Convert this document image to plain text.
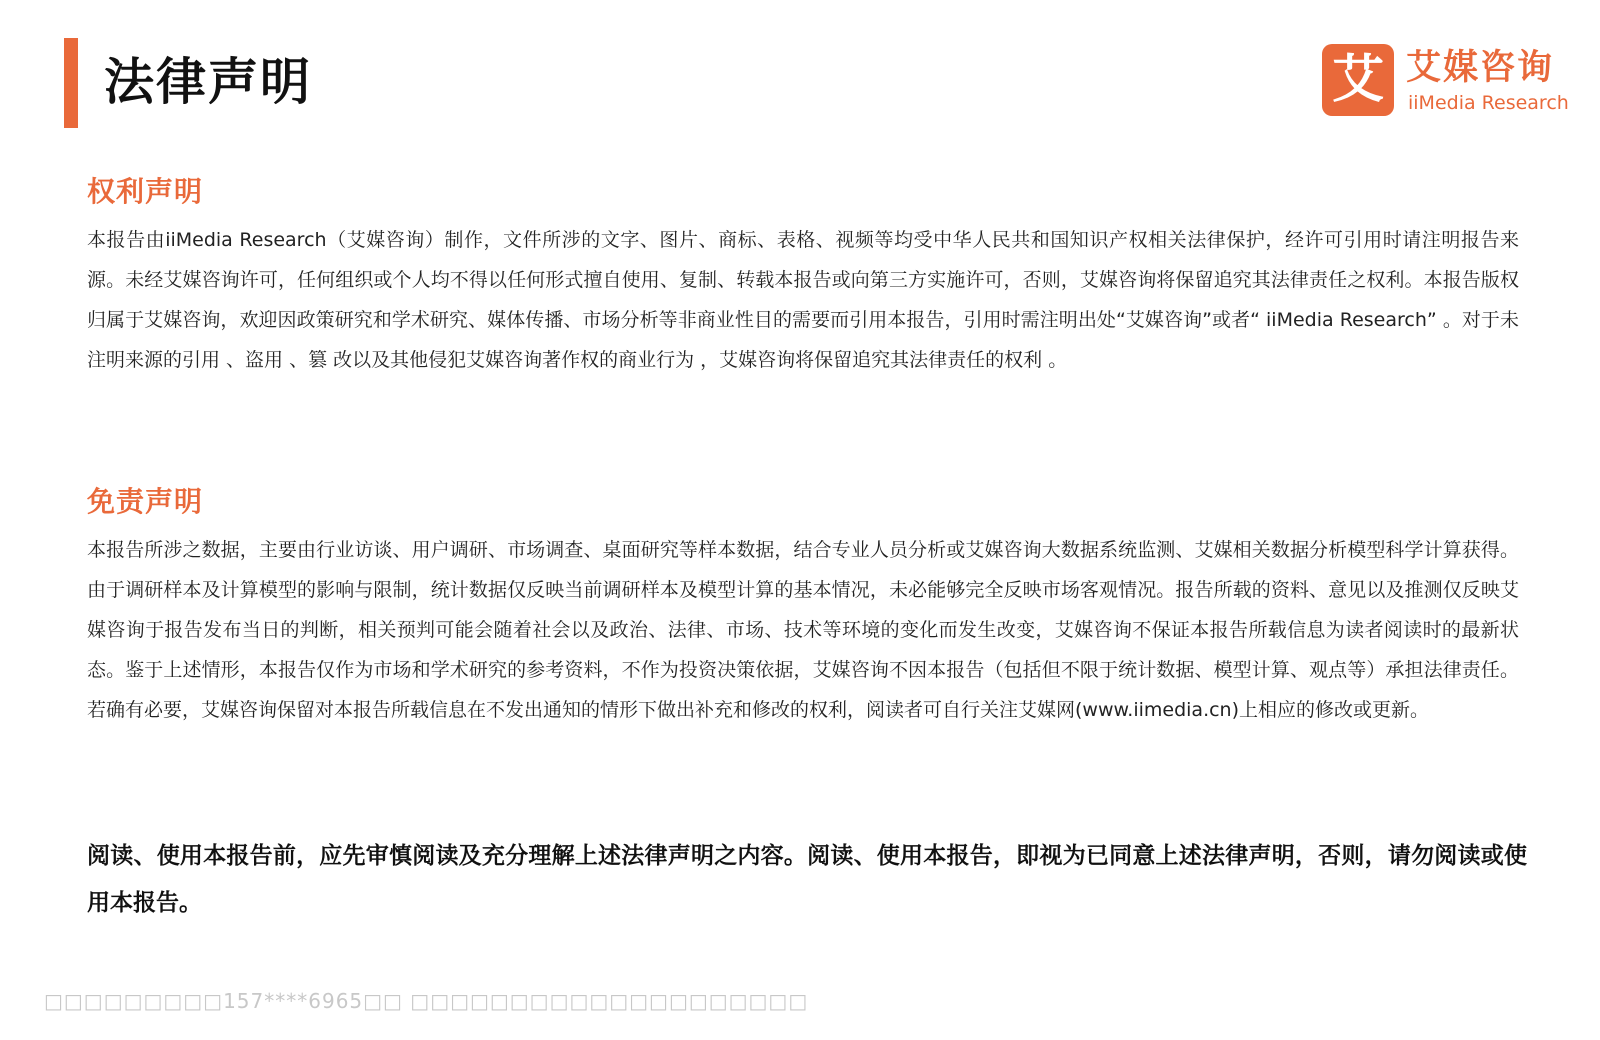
法律声明	艾 艾媒咨询
iiMedia Research
权利声明

本报告由iiMedia Research（艾媒咨询）制作，文件所涉的文字、图片、商标、表格、视频等均受中华人民共和国知识产权相关法律保护，经许可引用时请注明报告来源。未经艾媒咨询许可，任何组织或个人均不得以任何形式擅自使用、复制、转载本报告或向第三方实施许可，否则，艾媒咨询将保留追究其法律责任之权利。本报告版权归属于艾媒咨询，欢迎因政策研究和学术研究、媒体传播、市场分析等非商业性目的需要而引用本报告，引用时需注明出处“艾媒咨询”或者“ iiMedia Research” 。对于未注明来源的引用 、盗用 、篡 改以及其他侵犯艾媒咨询著作权的商业行为 ，艾媒咨询将保留追究其法律责任的权利 。

免责声明

本报告所涉之数据，主要由行业访谈、用户调研、市场调查、桌面研究等样本数据，结合专业人员分析或艾媒咨询大数据系统监测、艾媒相关数据分析模型科学计算获得。由于调研样本及计算模型的影响与限制，统计数据仅反映当前调研样本及模型计算的基本情况，未必能够完全反映市场客观情况。报告所载的资料、意见以及推测仅反映艾媒咨询于报告发布当日的判断，相关预判可能会随着社会以及政治、法律、市场、技术等环境的变化而发生改变，艾媒咨询不保证本报告所载信息为读者阅读时的最新状态。鉴于上述情形，本报告仅作为市场和学术研究的参考资料，不作为投资决策依据，艾媒咨询不因本报告（包括但不限于统计数据、模型计算、观点等）承担法律责任。若确有必要，艾媒咨询保留对本报告所载信息在不发出通知的情形下做出补充和修改的权利，阅读者可自行关注艾媒网(www.iimedia.cn)上相应的修改或更新。

阅读、使用本报告前，应先审慎阅读及充分理解上述法律声明之内容。阅读、使用本报告，即视为已同意上述法律声明，否则，请勿阅读或使用本报告。

□□□□□□□□□157****6965□□ □□□□□□□□□□□□□□□□□□□□
